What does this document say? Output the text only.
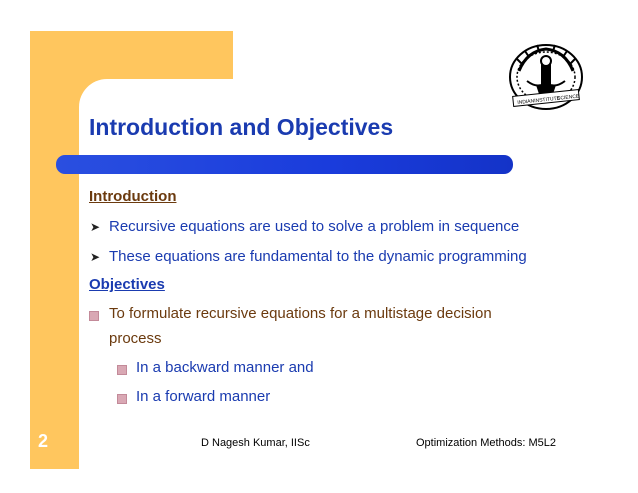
INDIAN INSTITUTE
SCIENCE
Introduction and Objectives
Introduction
➤ Recursive equations are used to solve a problem in sequence
➤ These equations are fundamental to the dynamic programming
Objectives
To formulate recursive equations for a multistage decision
process
In a backward manner and
In a forward manner
2	D Nagesh Kumar, IISc	Optimization Methods: M5L2
